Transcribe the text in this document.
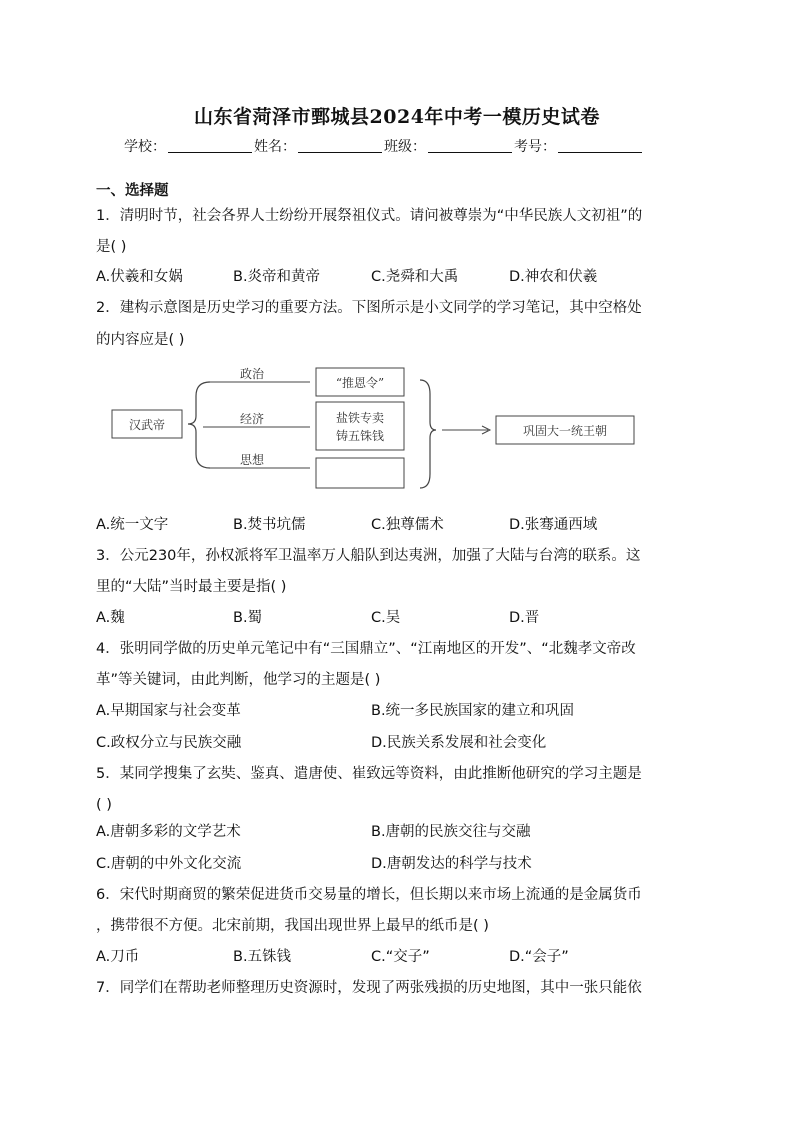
山东省菏泽市鄄城县2024年中考一模历史试卷
学校：	姓名：	班级：	考号：
一、选择题
1．清明时节，社会各界人士纷纷开展祭祖仪式。请问被尊崇为“中华民族人文初祖”的
是( )
A.伏羲和女娲	B.炎帝和黄帝	C.尧舜和大禹	D.神农和伏羲
2．建构示意图是历史学习的重要方法。下图所示是小文同学的学习笔记，其中空格处
的内容应是( )
汉武帝
政治
经济
思想
“推恩令”
盐铁专卖
铸五铢钱	巩固大一统王朝
A.统一文字	B.焚书坑儒	C.独尊儒术	D.张骞通西域
3．公元230年，孙权派将军卫温率万人船队到达夷洲，加强了大陆与台湾的联系。这
里的“大陆”当时最主要是指( )
A.魏	B.蜀	C.吴	D.晋
4．张明同学做的历史单元笔记中有“三国鼎立”、“江南地区的开发”、“北魏孝文帝改
革”等关键词，由此判断，他学习的主题是( )
A.早期国家与社会变革	B.统一多民族国家的建立和巩固
C.政权分立与民族交融	D.民族关系发展和社会变化
5．某同学搜集了玄奘、鉴真、遣唐使、崔致远等资料，由此推断他研究的学习主题是
( )
A.唐朝多彩的文学艺术	B.唐朝的民族交往与交融
C.唐朝的中外文化交流	D.唐朝发达的科学与技术
6．宋代时期商贸的繁荣促进货币交易量的增长，但长期以来市场上流通的是金属货币
，携带很不方便。北宋前期，我国出现世界上最早的纸币是( )
A.刀币	B.五铢钱	C.“交子”	D.“会子”
7．同学们在帮助老师整理历史资源时，发现了两张残损的历史地图，其中一张只能依
